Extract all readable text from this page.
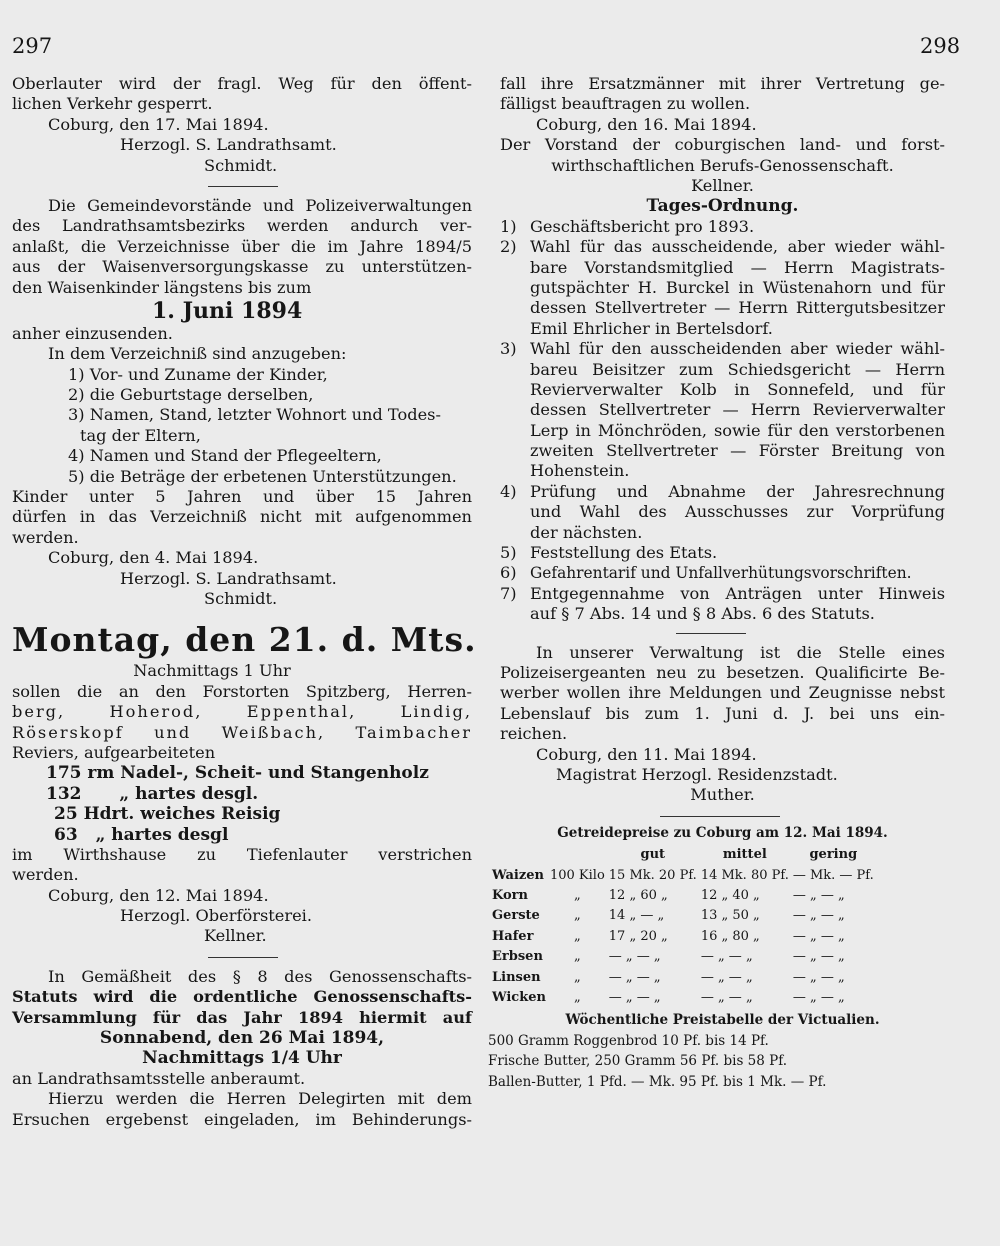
297	298
Oberlauter wird der fragl. Weg für den öffent-
lichen Verkehr gesperrt.
Coburg, den 17. Mai 1894.
Herzogl. S. Landrathsamt.
Schmidt.
Die Gemeindevorstände und Polizeiverwaltungen
des Landrathsamtsbezirks werden andurch ver-
anlaßt, die Verzeichnisse über die im Jahre 1894/5
aus der Waisenversorgungskasse zu unterstützen-
den Waisenkinder längstens bis zum
1. Juni 1894
anher einzusenden.
In dem Verzeichniß sind anzugeben:
1) Vor- und Zuname der Kinder,
2) die Geburtstage derselben,
3) Namen, Stand, letzter Wohnort und Todes-
tag der Eltern,
4) Namen und Stand der Pflegeeltern,
5) die Beträge der erbetenen Unterstützungen.
Kinder unter 5 Jahren und über 15 Jahren
dürfen in das Verzeichniß nicht mit aufgenommen
werden.
Coburg, den 4. Mai 1894.
Herzogl. S. Landrathsamt.
Schmidt.
Montag, den 21. d. Mts.
Nachmittags 1 Uhr
sollen die an den Forstorten Spitzberg, Herren-
berg, Hoherod, Eppenthal, Lindig,
Röserskopf und Weißbach, Taimbacher
Reviers, aufgearbeiteten
175 rm Nadel-, Scheit- und Stangenholz
132 „ hartes desgl.
25 Hdrt. weiches Reisig
63 „ hartes desgl
im Wirthshause zu Tiefenlauter verstrichen
werden.
Coburg, den 12. Mai 1894.
Herzogl. Oberförsterei.
Kellner.
In Gemäßheit des § 8 des Genossenschafts-
Statuts wird die ordentliche Genossenschafts-
Versammlung für das Jahr 1894 hiermit auf
Sonnabend, den 26 Mai 1894,
Nachmittags 1/4 Uhr
an Landrathsamtsstelle anberaumt.
Hierzu werden die Herren Delegirten mit dem
Ersuchen ergebenst eingeladen, im Behinderungs-
fall ihre Ersatzmänner mit ihrer Vertretung ge-
fälligst beauftragen zu wollen.
Coburg, den 16. Mai 1894.
Der Vorstand der coburgischen land- und forst-
wirthschaftlichen Berufs-Genossenschaft.
Kellner.
Tages-Ordnung.
1) Geschäftsbericht pro 1893.
2) Wahl für das ausscheidende, aber wieder wähl-
bare Vorstandsmitglied — Herrn Magistrats-
gutspächter H. Burckel in Wüstenahorn und für
dessen Stellvertreter — Herrn Rittergutsbesitzer
Emil Ehrlicher in Bertelsdorf.
3) Wahl für den ausscheidenden aber wieder wähl-
bareu Beisitzer zum Schiedsgericht — Herrn
Revierverwalter Kolb in Sonnefeld, und für
dessen Stellvertreter — Herrn Revierverwalter
Lerp in Mönchröden, sowie für den verstorbenen
zweiten Stellvertreter — Förster Breitung von
Hohenstein.
4) Prüfung und Abnahme der Jahresrechnung
und Wahl des Ausschusses zur Vorprüfung
der nächsten.
5) Feststellung des Etats.
6) Gefahrentarif und Unfallverhütungsvorschriften.
7) Entgegennahme von Anträgen unter Hinweis
auf § 7 Abs. 14 und § 8 Abs. 6 des Statuts.
In unserer Verwaltung ist die Stelle eines
Polizeisergeanten neu zu besetzen. Qualificirte Be-
werber wollen ihre Meldungen und Zeugnisse nebst
Lebenslauf bis zum 1. Juni d. J. bei uns ein-
reichen.
Coburg, den 11. Mai 1894.
Magistrat Herzogl. Residenzstadt.
Muther.
Getreidepreise zu Coburg am 12. Mai 1894.
		gut	mittel	gering
Waizen	100 Kilo	15 Mk. 20 Pf.	14 Mk. 80 Pf.	— Mk. — Pf.
Korn	„	12 „ 60 „	12 „ 40 „	— „ — „
Gerste	„	14 „ — „	13 „ 50 „	— „ — „
Hafer	„	17 „ 20 „	16 „ 80 „	— „ — „
Erbsen	„	— „ — „	— „ — „	— „ — „
Linsen	„	— „ — „	— „ — „	— „ — „
Wicken	„	— „ — „	— „ — „	— „ — „
Wöchentliche Preistabelle der Victualien.
500 Gramm Roggenbrod 10 Pf. bis 14 Pf.
Frische Butter, 250 Gramm 56 Pf. bis 58 Pf.
Ballen-Butter, 1 Pfd. — Mk. 95 Pf. bis 1 Mk. — Pf.
